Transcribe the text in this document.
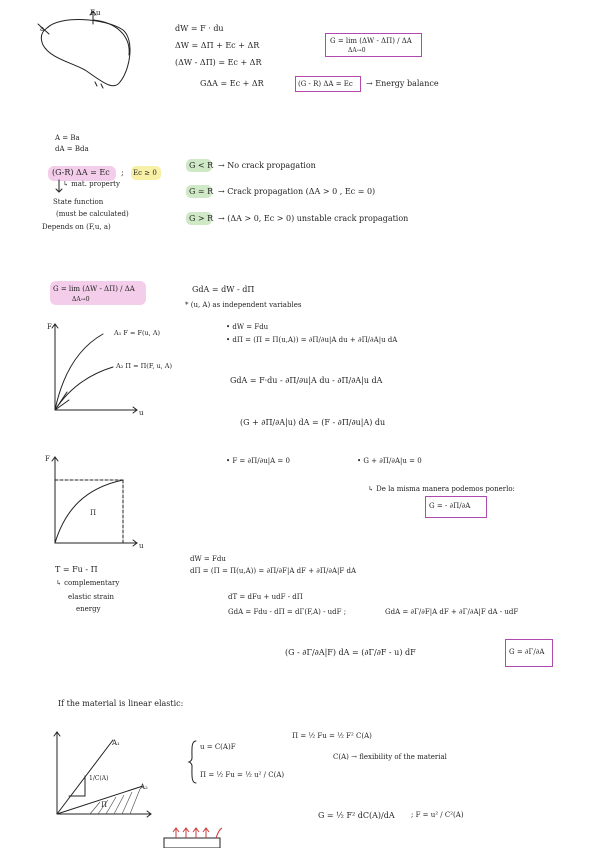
F,u
a	dW = F · du
ΔW = ΔΠ + Ec + ΔR
(ΔW - ΔΠ) = Ec + ΔR
GΔA = Ec + ΔR
G = lim (ΔW - ΔΠ) / ΔA
ΔA→0
(G - R) ΔA = Ec → Energy balance
A = Ba
dA = Bda
(G-R) ΔA = Ec ; Ec ≥ 0
↳ mat. property
State function
(must be calculated)
Depends on (F,u, a)
G < R → No crack propagation
G = R → Crack propagation (ΔA > 0 , Ec = 0)
G > R → (ΔA > 0, Ec > 0) unstable crack propagation
G = lim (ΔW - ΔΠ) / ΔA
ΔA→0
GdA = dW - dΠ
* (u, A) as independent variables
F
u
A₁ F = F(u, A)
A₂ Π = Π(F, u, A)
• dW = Fdu
• dΠ = (Π = Π(u,A)) = ∂Π/∂u|A du + ∂Π/∂A|u dA
GdA = F·du - ∂Π/∂u|A du - ∂Π/∂A|u dA
(G + ∂Π/∂A|u) dA = (F - ∂Π/∂u|A) du
• F = ∂Π/∂u|A = 0	• G + ∂Π/∂A|u = 0
↳ De la misma manera podemos ponerlo:
G = - ∂Π/∂A
F
u
Π
T = Fu - Π
↳ complementary
elastic strain
energy
dW = Fdu
dΠ = (Π = Π(u,A)) = ∂Π/∂F|A dF + ∂Π/∂A|F dA
dT = dFu + udF - dΠ
GdA = Fdu - dΠ = dΓ(F,A) - udF ;	GdA = ∂Γ/∂F|A dF + ∂Γ/∂A|F dA - udF
(G - ∂Γ/∂A|F) dA = (∂Γ/∂F - u) dF	G = ∂Γ/∂A
If the material is linear elastic:
A₁
A₂
1/C(A)
Π
u = C(A)F
Π = ½ Fu = ½ u² / C(A)
Π = ½ Fu = ½ F² C(A)
C(A) → flexibility of the material
G = ½ F² dC(A)/dA ; F = u² / C²(A)
